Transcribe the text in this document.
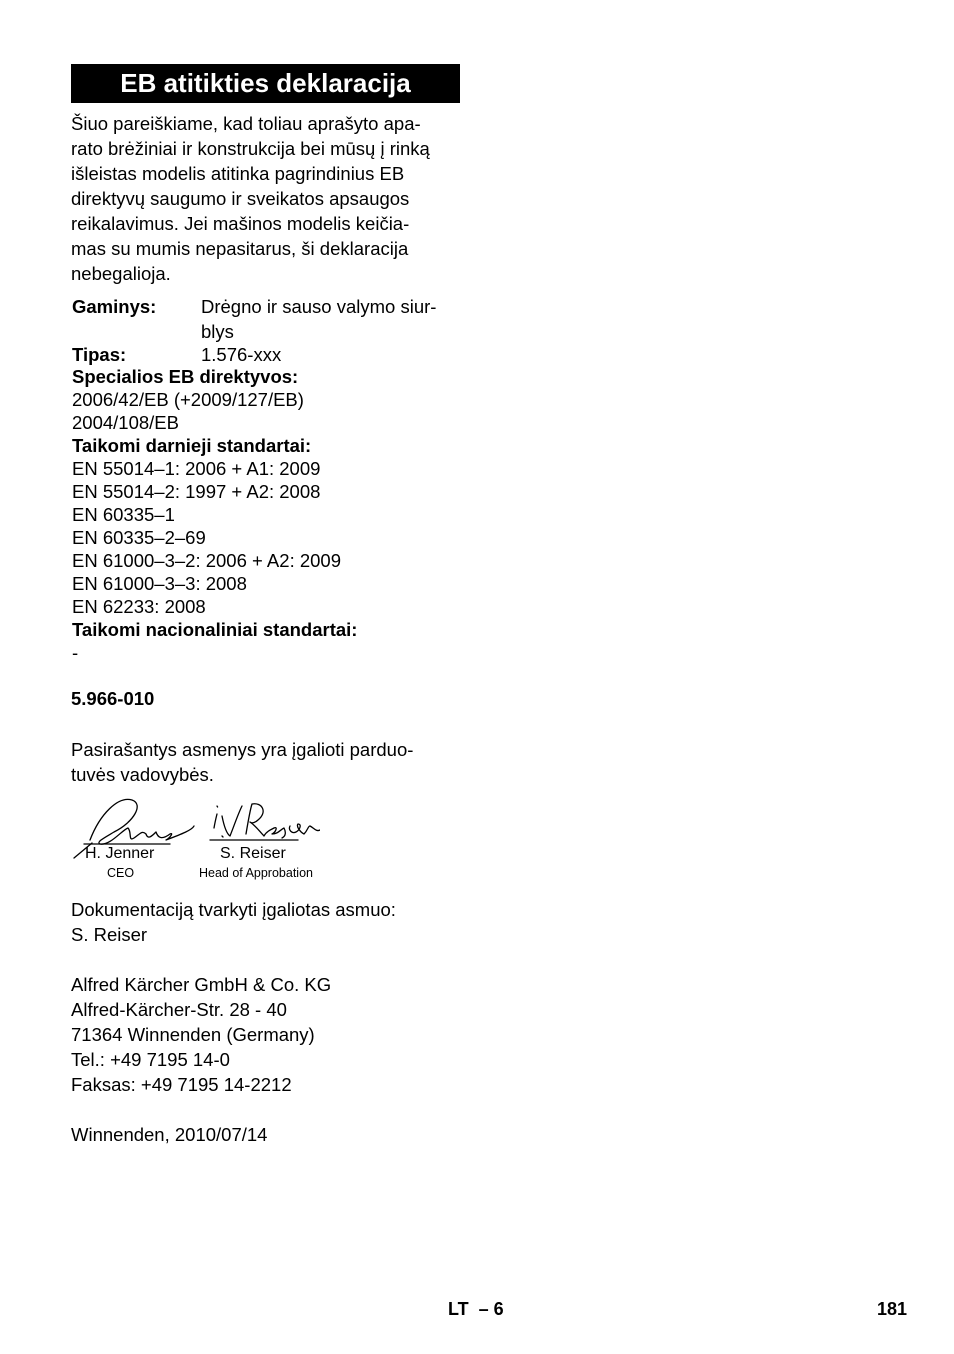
EB atitikties deklaracija
Šiuo pareiškiame, kad toliau aprašyto apa-
rato brėžiniai ir konstrukcija bei mūsų į rinką
išleistas modelis atitinka pagrindinius EB
direktyvų saugumo ir sveikatos apsaugos
reikalavimus. Jei mašinos modelis keičia-
mas su mumis nepasitarus, ši deklaracija
nebegalioja.
Gaminys: Drėgno ir sauso valymo siur-
blys
Tipas:	1.576-xxx
Specialios EB direktyvos:
2006/42/EB (+2009/127/EB)
2004/108/EB
Taikomi darnieji standartai:
EN 55014–1: 2006 + A1: 2009
EN 55014–2: 1997 + A2: 2008
EN 60335–1
EN 60335–2–69
EN 61000–3–2: 2006 + A2: 2009
EN 61000–3–3: 2008
EN 62233: 2008
Taikomi nacionaliniai standartai:
-
5.966-010
Pasirašantys asmenys yra įgalioti parduo-
tuvės vadovybės.
H. Jenner	S. Reiser
CEO	Head of Approbation
Dokumentaciją tvarkyti įgaliotas asmuo:
S. Reiser
Alfred Kärcher GmbH & Co. KG
Alfred-Kärcher-Str. 28 - 40
71364 Winnenden (Germany)
Tel.: +49 7195 14-0
Faksas: +49 7195 14-2212
Winnenden, 2010/07/14
LT  – 6	181
